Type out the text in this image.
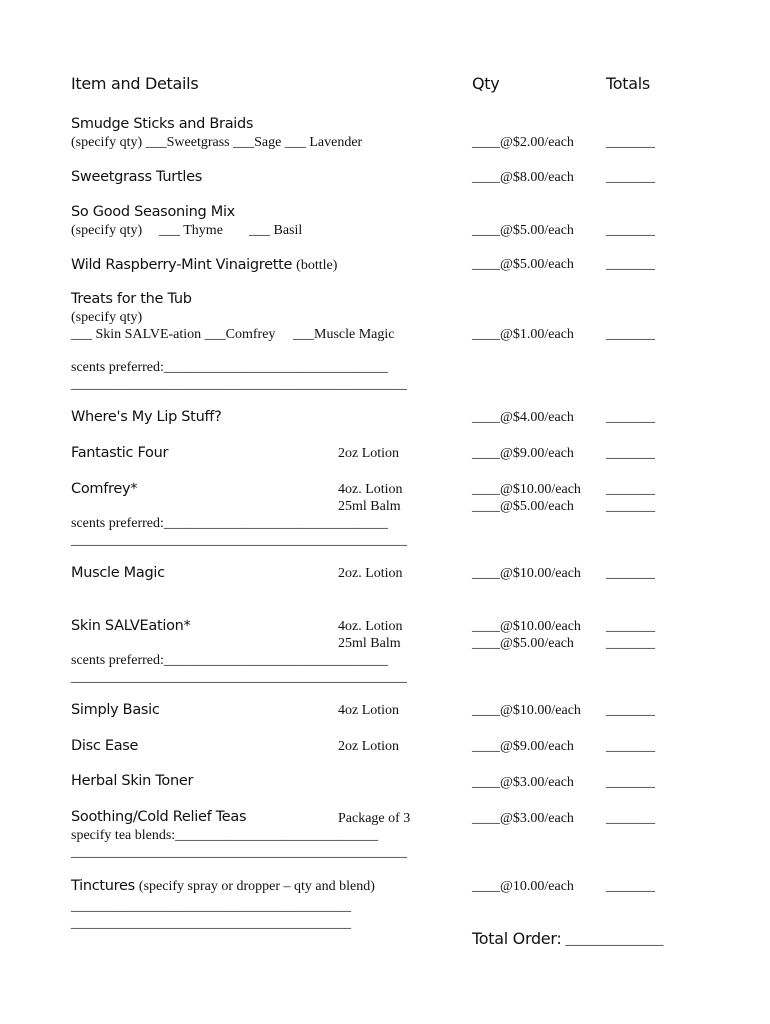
Item and Details	Qty	Totals
Smudge Sticks and Braids
(specify qty) ___Sweetgrass ___Sage ___ Lavender	____@$2.00/each _______
Sweetgrass Turtles	____@$8.00/each _______
So Good Seasoning Mix
(specify qty) ___ Thyme ___ Basil	____@$5.00/each _______
Wild Raspberry-Mint Vinaigrette (bottle)	____@$5.00/each _______
Treats for the Tub
(specify qty)
___ Skin SALVE-ation ___Comfrey ___Muscle Magic	____@$1.00/each _______
scents preferred:________________________________
________________________________________________
Where's My Lip Stuff?	____@$4.00/each _______
Fantastic Four	2oz Lotion	____@$9.00/each _______
Comfrey*	4oz. Lotion	____@$10.00/each _______
25ml Balm	____@$5.00/each _______
scents preferred:________________________________
________________________________________________
Muscle Magic	2oz. Lotion	____@$10.00/each _______
Skin SALVEation*	4oz. Lotion	____@$10.00/each _______
25ml Balm	____@$5.00/each _______
scents preferred:________________________________
________________________________________________
Simply Basic	4oz Lotion	____@$10.00/each _______
Disc Ease	2oz Lotion	____@$9.00/each _______
Herbal Skin Toner	____@$3.00/each _______
Soothing/Cold Relief Teas	Package of 3	____@$3.00/each _______
specify tea blends:_____________________________
________________________________________________
Tinctures (specify spray or dropper – qty and blend)	____@10.00/each _______
________________________________________
________________________________________
Total Order: ______________
